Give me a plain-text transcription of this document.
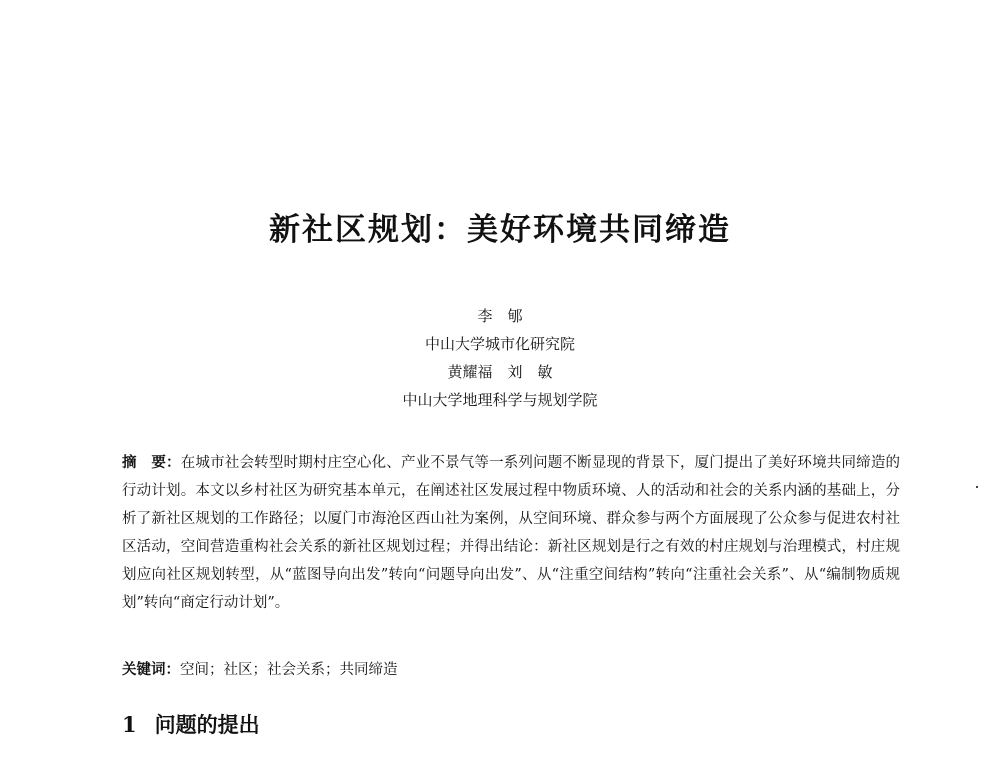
新社区规划：美好环境共同缔造
李　郇
中山大学城市化研究院
黄耀福　刘　敏
中山大学地理科学与规划学院

摘　要：在城市社会转型时期村庄空心化、产业不景气等一系列问题不断显现的背景下，厦门提出了美好环境共同缔造的行动计划。本文以乡村社区为研究基本单元，在阐述社区发展过程中物质环境、人的活动和社会的关系内涵的基础上，分析了新社区规划的工作路径；以厦门市海沧区西山社为案例，从空间环境、群众参与两个方面展现了公众参与促进农村社区活动，空间营造重构社会关系的新社区规划过程；并得出结论：新社区规划是行之有效的村庄规划与治理模式，村庄规划应向社区规划转型，从“蓝图导向出发”转向“问题导向出发”、从“注重空间结构”转向“注重社会关系”、从“编制物质规划”转向“商定行动计划”。

关键词：空间；社区；社会关系；共同缔造

1 问题的提出
